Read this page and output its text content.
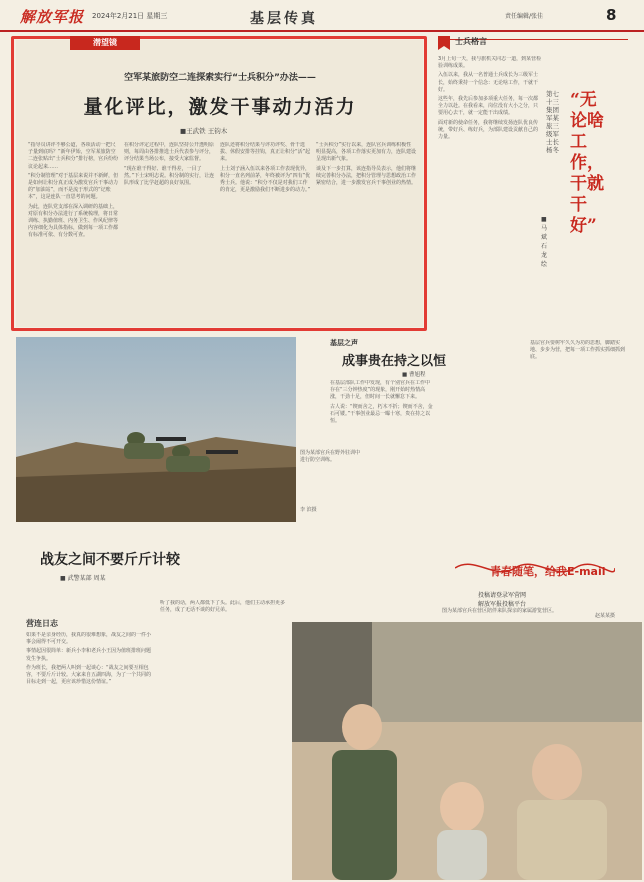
解放军报 2024年2月21日 星期三	基层传真	责任编辑/张佳	8
潜望镜
空军某旅防空二连探索实行“士兵积分”办法——
量化评比，激发干事动力活力
■王武铁 王钧木

“指导员讲评不够公道，各项活动一把尺子量到底吗？”新年伊始，空军某旅防空二连张贴出“士兵积分”排行榜，官兵纷纷议论起来……

“积分制管理”对于基层来说并不新鲜，但是如何让积分真正成为激发官兵干事动力的“加油站”，而不是流于形式的“记账本”，这是连队一直思考的问题。

为此，连队党支部在深入调研的基础上，对原有积分办法进行了系统梳理，将日常训练、执勤值班、内务卫生、作风纪律等内容细化为具体指标，做到每一项工作都有标准可依、有分数可查。

在积分评定过程中，连队坚持公开透明原则，每周由各排推选士兵代表参与评分，评分结果当场公布，接受大家监督。

“现在谁干得好、谁干得差，一目了然。”下士宋明志说。积分制的实行，让连队形成了比学赶超的良好氛围。

连队还将积分结果与评功评奖、骨干选拔、休假安排等挂钩，真正让积分“活”起来。

上士刘子涵入伍以来各项工作表现优异，积分一直名列前茅，年终被评为“四有”优秀士兵。他说：“积分不仅是对我们工作的肯定，更是激励我们不断进步的动力。”

“士兵积分”实行以来，连队官兵训练积极性明显提高，各项工作落实更加有力，连队建设呈现出新气象。

谈及下一步打算，该连指导员表示，他们将继续完善积分办法，把积分管理与思想政治工作紧密结合，进一步激发官兵干事创业的热情。

士兵格言

3月上旬一天，我与旅机关同志一道，到某营检验训练成果。

入伍以来，我从一名普通士兵成长为三级军士长，始终秉持一个信念：无论啥工作，干就干好。

这些年，我先后参加多项重大任务，每一次都全力以赴。在我看来，岗位没有大小之分，只要用心去干，就一定能干出成绩。

面对新的使命任务，我将继续发扬连队优良传统，带好兵、练好兵，为部队建设贡献自己的力量。

第七十三集团军某旅三级军士长杨冬
“无论啥工作，干就干好”
■ 马 斌 石 龙 绘
图为某部官兵在野外驻训中进行防空训练。
李 滨摄
基层之声
成事贵在持之以恒
■ 曹旭程

在基层部队工作中发现，有个别官兵在工作中存在“三分钟热度”的现象，刚开始时热情高涨，干劲十足，但时间一长就懈怠下来。

古人说：“锲而舍之，朽木不折；锲而不舍，金石可镂。”干事创业最忌一曝十寒，贵在持之以恒。

基层官兵要树牢久久为功的思想，脚踏实地、步步为营，把每一项工作抓实抓细抓到底。

青春随笔，给我E-mail
投稿请登录军营网
解放军报投稿平台
战友之间不要斤斤计较
■ 武警某部 周某
营连日志

如果不是亲身经历，我真的很难想象，战友之间的一件小事会闹得不可开交。

事情起因很简单：新兵小李和老兵小王因为值班排班问题发生争执。

作为班长，我把两人叫到一起谈心：“战友之间要互相包容，不要斤斤计较。大家来自五湖四海，为了一个共同的目标走到一起，更应该珍惜这份情谊。”

听了我的话，两人都低下了头。此后，他们主动承担更多任务，成了无话不谈的好兄弟。	图为某部官兵在营区陪伴来队探亲的家属游览营区。
赵某某摄
